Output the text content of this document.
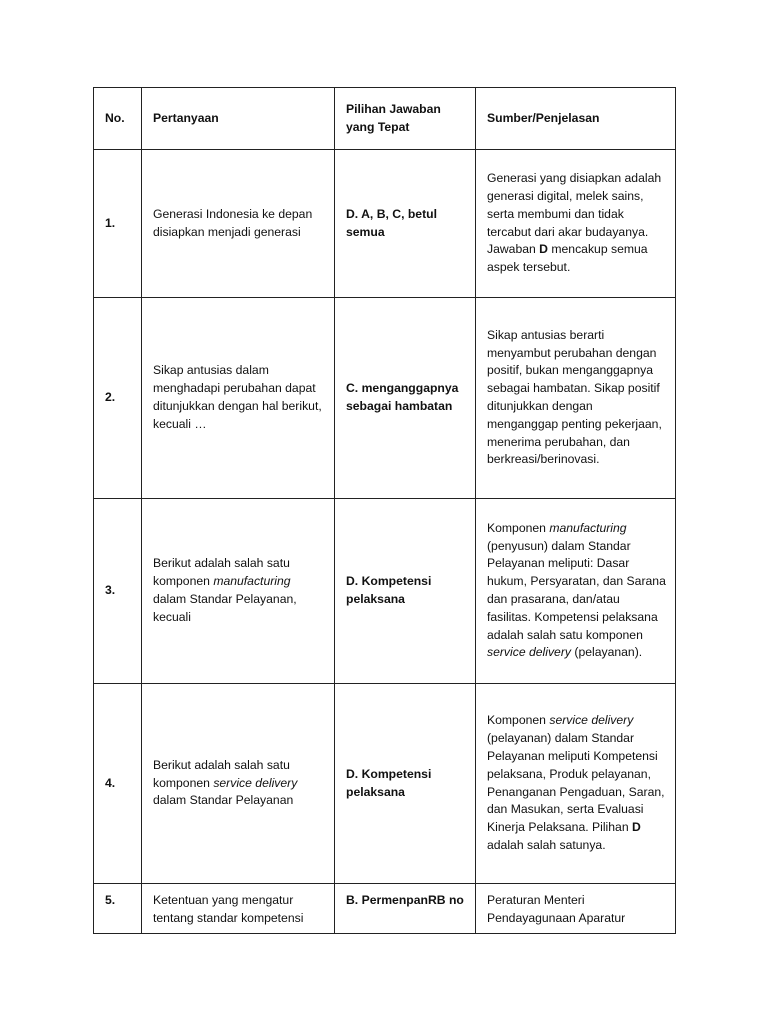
No.	Pertanyaan	Pilihan Jawaban yang Tepat	Sumber/Penjelasan
1.	Generasi Indonesia ke depan disiapkan menjadi generasi	D. A, B, C, betul semua	Generasi yang disiapkan adalah generasi digital, melek sains, serta membumi dan tidak tercabut dari akar budayanya. Jawaban D mencakup semua aspek tersebut.
2.	Sikap antusias dalam menghadapi perubahan dapat ditunjukkan dengan hal berikut, kecuali …	C. menganggapnya sebagai hambatan	Sikap antusias berarti menyambut perubahan dengan positif, bukan menganggapnya sebagai hambatan. Sikap positif ditunjukkan dengan menganggap penting pekerjaan, menerima perubahan, dan berkreasi/berinovasi.
3.	Berikut adalah salah satu komponen manufacturing dalam Standar Pelayanan, kecuali	D. Kompetensi pelaksana	Komponen manufacturing (penyusun) dalam Standar Pelayanan meliputi: Dasar hukum, Persyaratan, dan Sarana dan prasarana, dan/atau fasilitas. Kompetensi pelaksana adalah salah satu komponen service delivery (pelayanan).
4.	Berikut adalah salah satu komponen service delivery dalam Standar Pelayanan	D. Kompetensi pelaksana	Komponen service delivery (pelayanan) dalam Standar Pelayanan meliputi Kompetensi pelaksana, Produk pelayanan, Penanganan Pengaduan, Saran, dan Masukan, serta Evaluasi Kinerja Pelaksana. Pilihan D adalah salah satunya.
5.	Ketentuan yang mengatur tentang standar kompetensi	B. PermenpanRB no	Peraturan Menteri Pendayagunaan Aparatur
